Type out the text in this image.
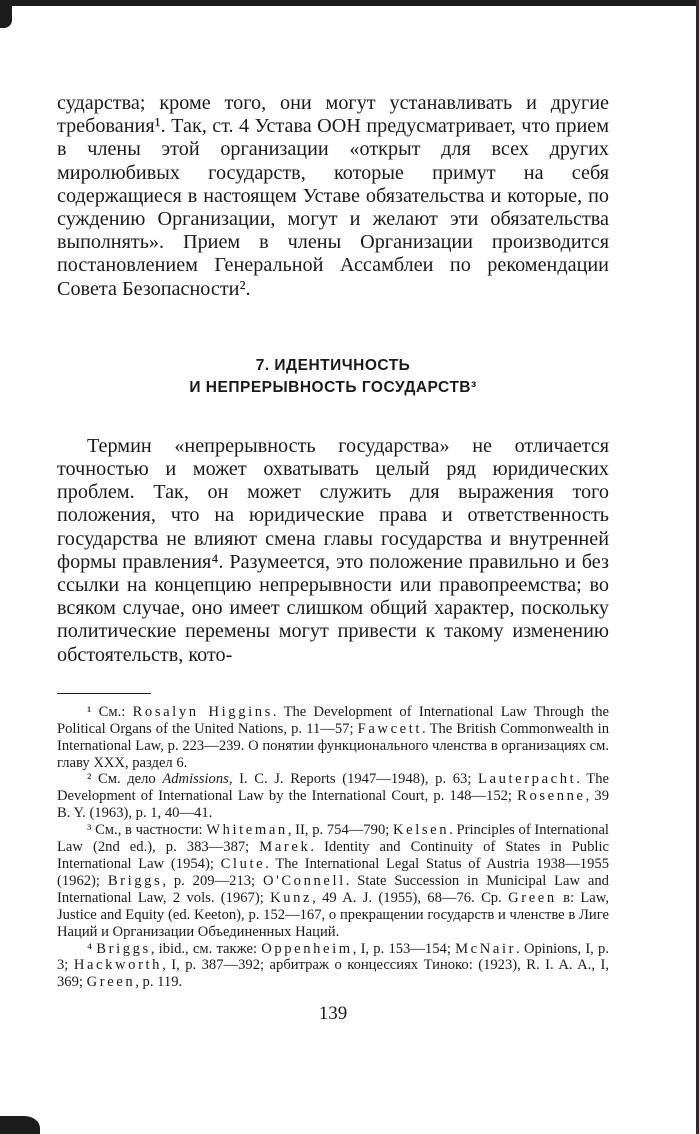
сударства; кроме того, они могут устанавливать и другие требования¹. Так, ст. 4 Устава ООН предусматривает, что прием в члены этой организации «открыт для всех других миролюбивых государств, которые примут на себя содержащиеся в настоящем Уставе обязательства и которые, по суждению Организации, могут и желают эти обязательства выполнять». Прием в члены Организации производится постановлением Генеральной Ассамблеи по рекомендации Совета Безопасности².

7. ИДЕНТИЧНОСТЬ
И НЕПРЕРЫВНОСТЬ ГОСУДАРСТВ³

Термин «непрерывность государства» не отличается точностью и может охватывать целый ряд юридических проблем. Так, он может служить для выражения того положения, что на юридические права и ответственность государства не влияют смена главы государства и внутренней формы правления⁴. Разумеется, это положение правильно и без ссылки на концепцию непрерывности или правопреемства; во всяком случае, оно имеет слишком общий характер, поскольку политические перемены могут привести к такому изменению обстоятельств, кото-

¹ См.: Rosalyn Higgins. The Development of International Law Through the Political Organs of the United Nations, p. 11—57; Fawcett. The British Commonwealth in International Law, p. 223—239. О понятии функционального членства в организациях см. главу XXX, раздел 6.

² См. дело Admissions, I. C. J. Reports (1947—1948), p. 63; Lauterpacht. The Development of International Law by the International Court, p. 148—152; Rosenne, 39 B. Y. (1963), p. 1, 40—41.

³ См., в частности: Whiteman, II, p. 754—790; Kelsen. Principles of International Law (2nd ed.), p. 383—387; Marek. Identity and Continuity of States in Public International Law (1954); Clute. The International Legal Status of Austria 1938—1955 (1962); Briggs, p. 209—213; O'Connell. State Succession in Municipal Law and International Law, 2 vols. (1967); Kunz, 49 A. J. (1955), 68—76. Ср. Green в: Law, Justice and Equity (ed. Keeton), p. 152—167, о прекращении государств и членстве в Лиге Наций и Организации Объединенных Наций.

⁴ Briggs, ibid., см. также: Oppenheim, I, p. 153—154; McNair. Opinions, I, p. 3; Hackworth, I, p. 387—392; арбитраж о концессиях Тиноко: (1923), R. I. A. A., I, 369; Green, p. 119.

139
